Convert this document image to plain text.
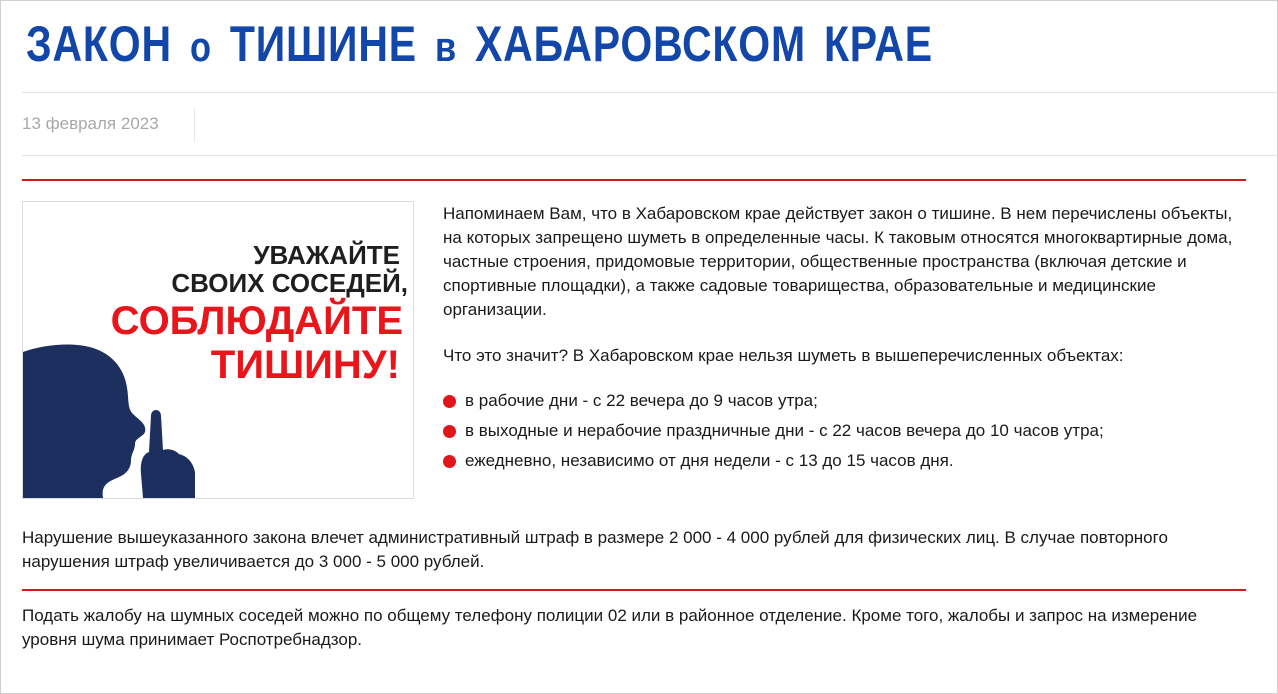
ЗАКОН о ТИШИНЕ в ХАБАРОВСКОМ КРАЕ
13 февраля 2023
УВАЖАЙТЕ
СВОИХ СОСЕДЕЙ,
СОБЛЮДАЙТЕ
ТИШИНУ!

Напоминаем Вам, что в Хабаровском крае действует закон о тишине. В нем перечислены объекты, на которых запрещено шуметь в определенные часы. К таковым относятся многоквартирные дома, частные строения, придомовые территории, общественные пространства (включая детские и спортивные площадки), а также садовые товарищества, образовательные и медицинские организации.

Что это значит? В Хабаровском крае нельзя шуметь в вышеперечисленных объектах:

в рабочие дни - с 22 вечера до 9 часов утра;
в выходные и нерабочие праздничные дни - с 22 часов вечера до 10 часов утра;
ежедневно, независимо от дня недели - с 13 до 15 часов дня.
Нарушение вышеуказанного закона влечет административный штраф в размере 2 000 - 4 000 рублей для физических лиц. В случае повторного нарушения штраф увеличивается до 3 000 - 5 000 рублей.
Подать жалобу на шумных соседей можно по общему телефону полиции 02 или в районное отделение. Кроме того, жалобы и запрос на измерение уровня шума принимает Роспотребнадзор.
